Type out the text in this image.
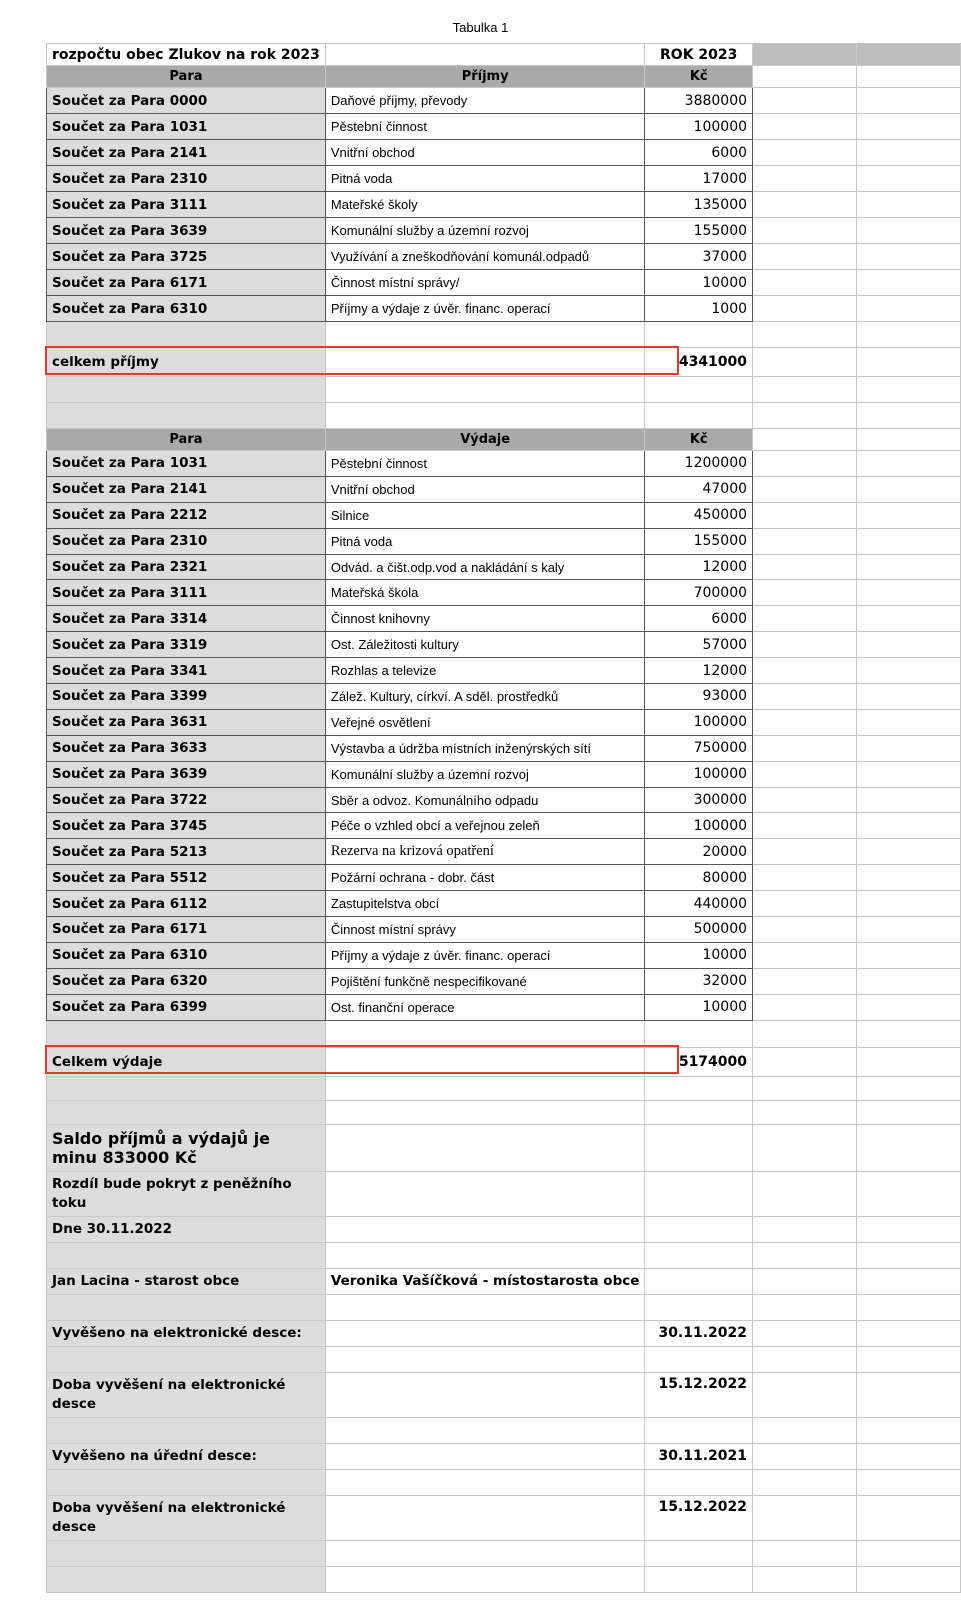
Tabulka 1
rozpočtu obec Zlukov na rok 2023		ROK 2023		
Para	Příjmy	Kč		
Součet za Para 0000	Daňové příjmy, převody	3880000		
Součet za Para 1031	Pěstební činnost	100000		
Součet za Para 2141	Vnitřní obchod	6000		
Součet za Para 2310	Pitná voda	17000		
Součet za Para 3111	Mateřské školy	135000		
Součet za Para 3639	Komunální služby a územní rozvoj	155000		
Součet za Para 3725	Využívání a zneškodňování komunál.odpadů	37000		
Součet za Para 6171	Činnost místní správy/	10000		
Součet za Para 6310	Příjmy a výdaje z úvěr. financ. operací	1000		

celkem příjmy		4341000		

Para	Výdaje	Kč		
Součet za Para 1031	Pěstební činnost	1200000		
Součet za Para 2141	Vnitřní obchod	47000		
Součet za Para 2212	Silnice	450000		
Součet za Para 2310	Pitná voda	155000		
Součet za Para 2321	Odvád. a čišt.odp.vod a nakládání s kaly	12000		
Součet za Para 3111	Mateřská škola	700000		
Součet za Para 3314	Činnost knihovny	6000		
Součet za Para 3319	Ost. Záležitosti kultury	57000		
Součet za Para 3341	Rozhlas a televize	12000		
Součet za Para 3399	Zálež. Kultury, církví. A sděl. prostředků	93000		
Součet za Para 3631	Veřejné osvětlení	100000		
Součet za Para 3633	Výstavba a údržba místních inženýrských sítí	750000		
Součet za Para 3639	Komunální služby a územní rozvoj	100000		
Součet za Para 3722	Sběr a odvoz. Komunálního odpadu	300000		
Součet za Para 3745	Péče o vzhled obcí a veřejnou zeleň	100000		
Součet za Para 5213	Rezerva na krizová opatření	20000		
Součet za Para 5512	Požární ochrana - dobr. část	80000		
Součet za Para 6112	Zastupitelstva obcí	440000		
Součet za Para 6171	Činnost místní správy	500000		
Součet za Para 6310	Příjmy a výdaje z úvěr. financ. operací	10000		
Součet za Para 6320	Pojištění funkčně nespecifikované	32000		
Součet za Para 6399	Ost. finanční operace	10000		

Celkem výdaje		5174000		

Saldo příjmů a výdajů je minu 833000 Kč				
Rozdíl bude pokryt z peněžního toku				
Dne 30.11.2022				

Jan Lacina - starost obce	Veronika Vašíčková - místostarosta obce			

Vyvěšeno na elektronické desce:		30.11.2022		

Doba vyvěšení na elektronické desce		15.12.2022		

Vyvěšeno na úřední desce:		30.11.2021		

Doba vyvěšení na elektronické desce		15.12.2022		
